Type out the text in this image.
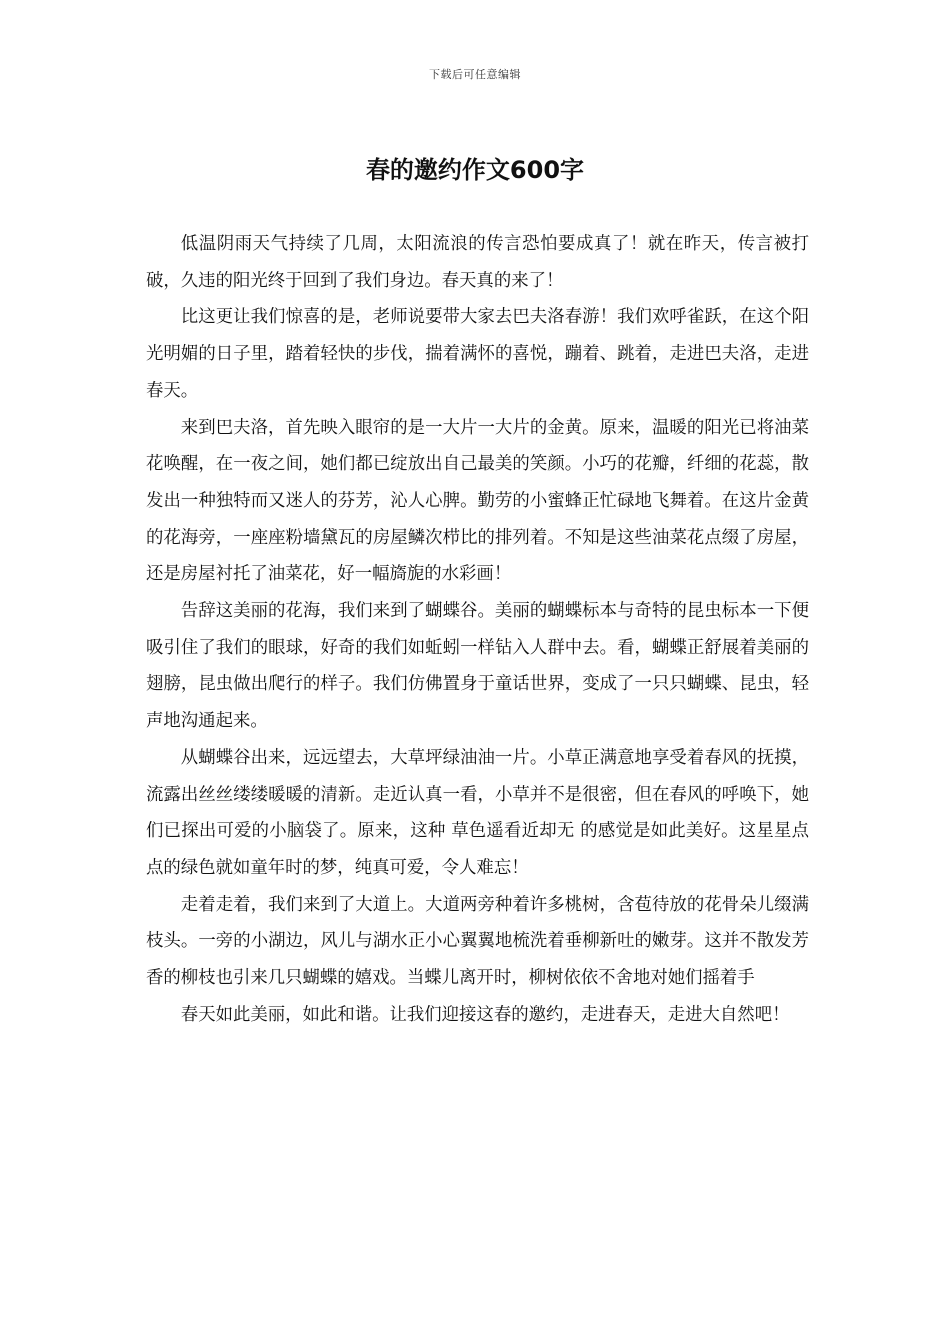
下载后可任意编辑
春的邀约作文600字

低温阴雨天气持续了几周，太阳流浪的传言恐怕要成真了！就在昨天，传言被打破，久违的阳光终于回到了我们身边。春天真的来了！

比这更让我们惊喜的是，老师说要带大家去巴夫洛春游！我们欢呼雀跃，在这个阳光明媚的日子里，踏着轻快的步伐，揣着满怀的喜悦，蹦着、跳着，走进巴夫洛，走进春天。

来到巴夫洛，首先映入眼帘的是一大片一大片的金黄。原来，温暖的阳光已将油菜花唤醒，在一夜之间，她们都已绽放出自己最美的笑颜。小巧的花瓣，纤细的花蕊，散发出一种独特而又迷人的芬芳，沁人心脾。勤劳的小蜜蜂正忙碌地飞舞着。在这片金黄的花海旁，一座座粉墙黛瓦的房屋鳞次栉比的排列着。不知是这些油菜花点缀了房屋，还是房屋衬托了油菜花，好一幅旖旎的水彩画！

告辞这美丽的花海，我们来到了蝴蝶谷。美丽的蝴蝶标本与奇特的昆虫标本一下便吸引住了我们的眼球，好奇的我们如蚯蚓一样钻入人群中去。看，蝴蝶正舒展着美丽的翅膀，昆虫做出爬行的样子。我们仿佛置身于童话世界，变成了一只只蝴蝶、昆虫，轻声地沟通起来。

从蝴蝶谷出来，远远望去，大草坪绿油油一片。小草正满意地享受着春风的抚摸，流露出丝丝缕缕暖暖的清新。走近认真一看，小草并不是很密，但在春风的呼唤下，她们已探出可爱的小脑袋了。原来，这种 草色遥看近却无 的感觉是如此美好。这星星点点的绿色就如童年时的梦，纯真可爱，令人难忘！

走着走着，我们来到了大道上。大道两旁种着许多桃树，含苞待放的花骨朵儿缀满枝头。一旁的小湖边，风儿与湖水正小心翼翼地梳洗着垂柳新吐的嫩芽。这并不散发芳香的柳枝也引来几只蝴蝶的嬉戏。当蝶儿离开时，柳树依依不舍地对她们摇着手

春天如此美丽，如此和谐。让我们迎接这春的邀约，走进春天，走进大自然吧！
